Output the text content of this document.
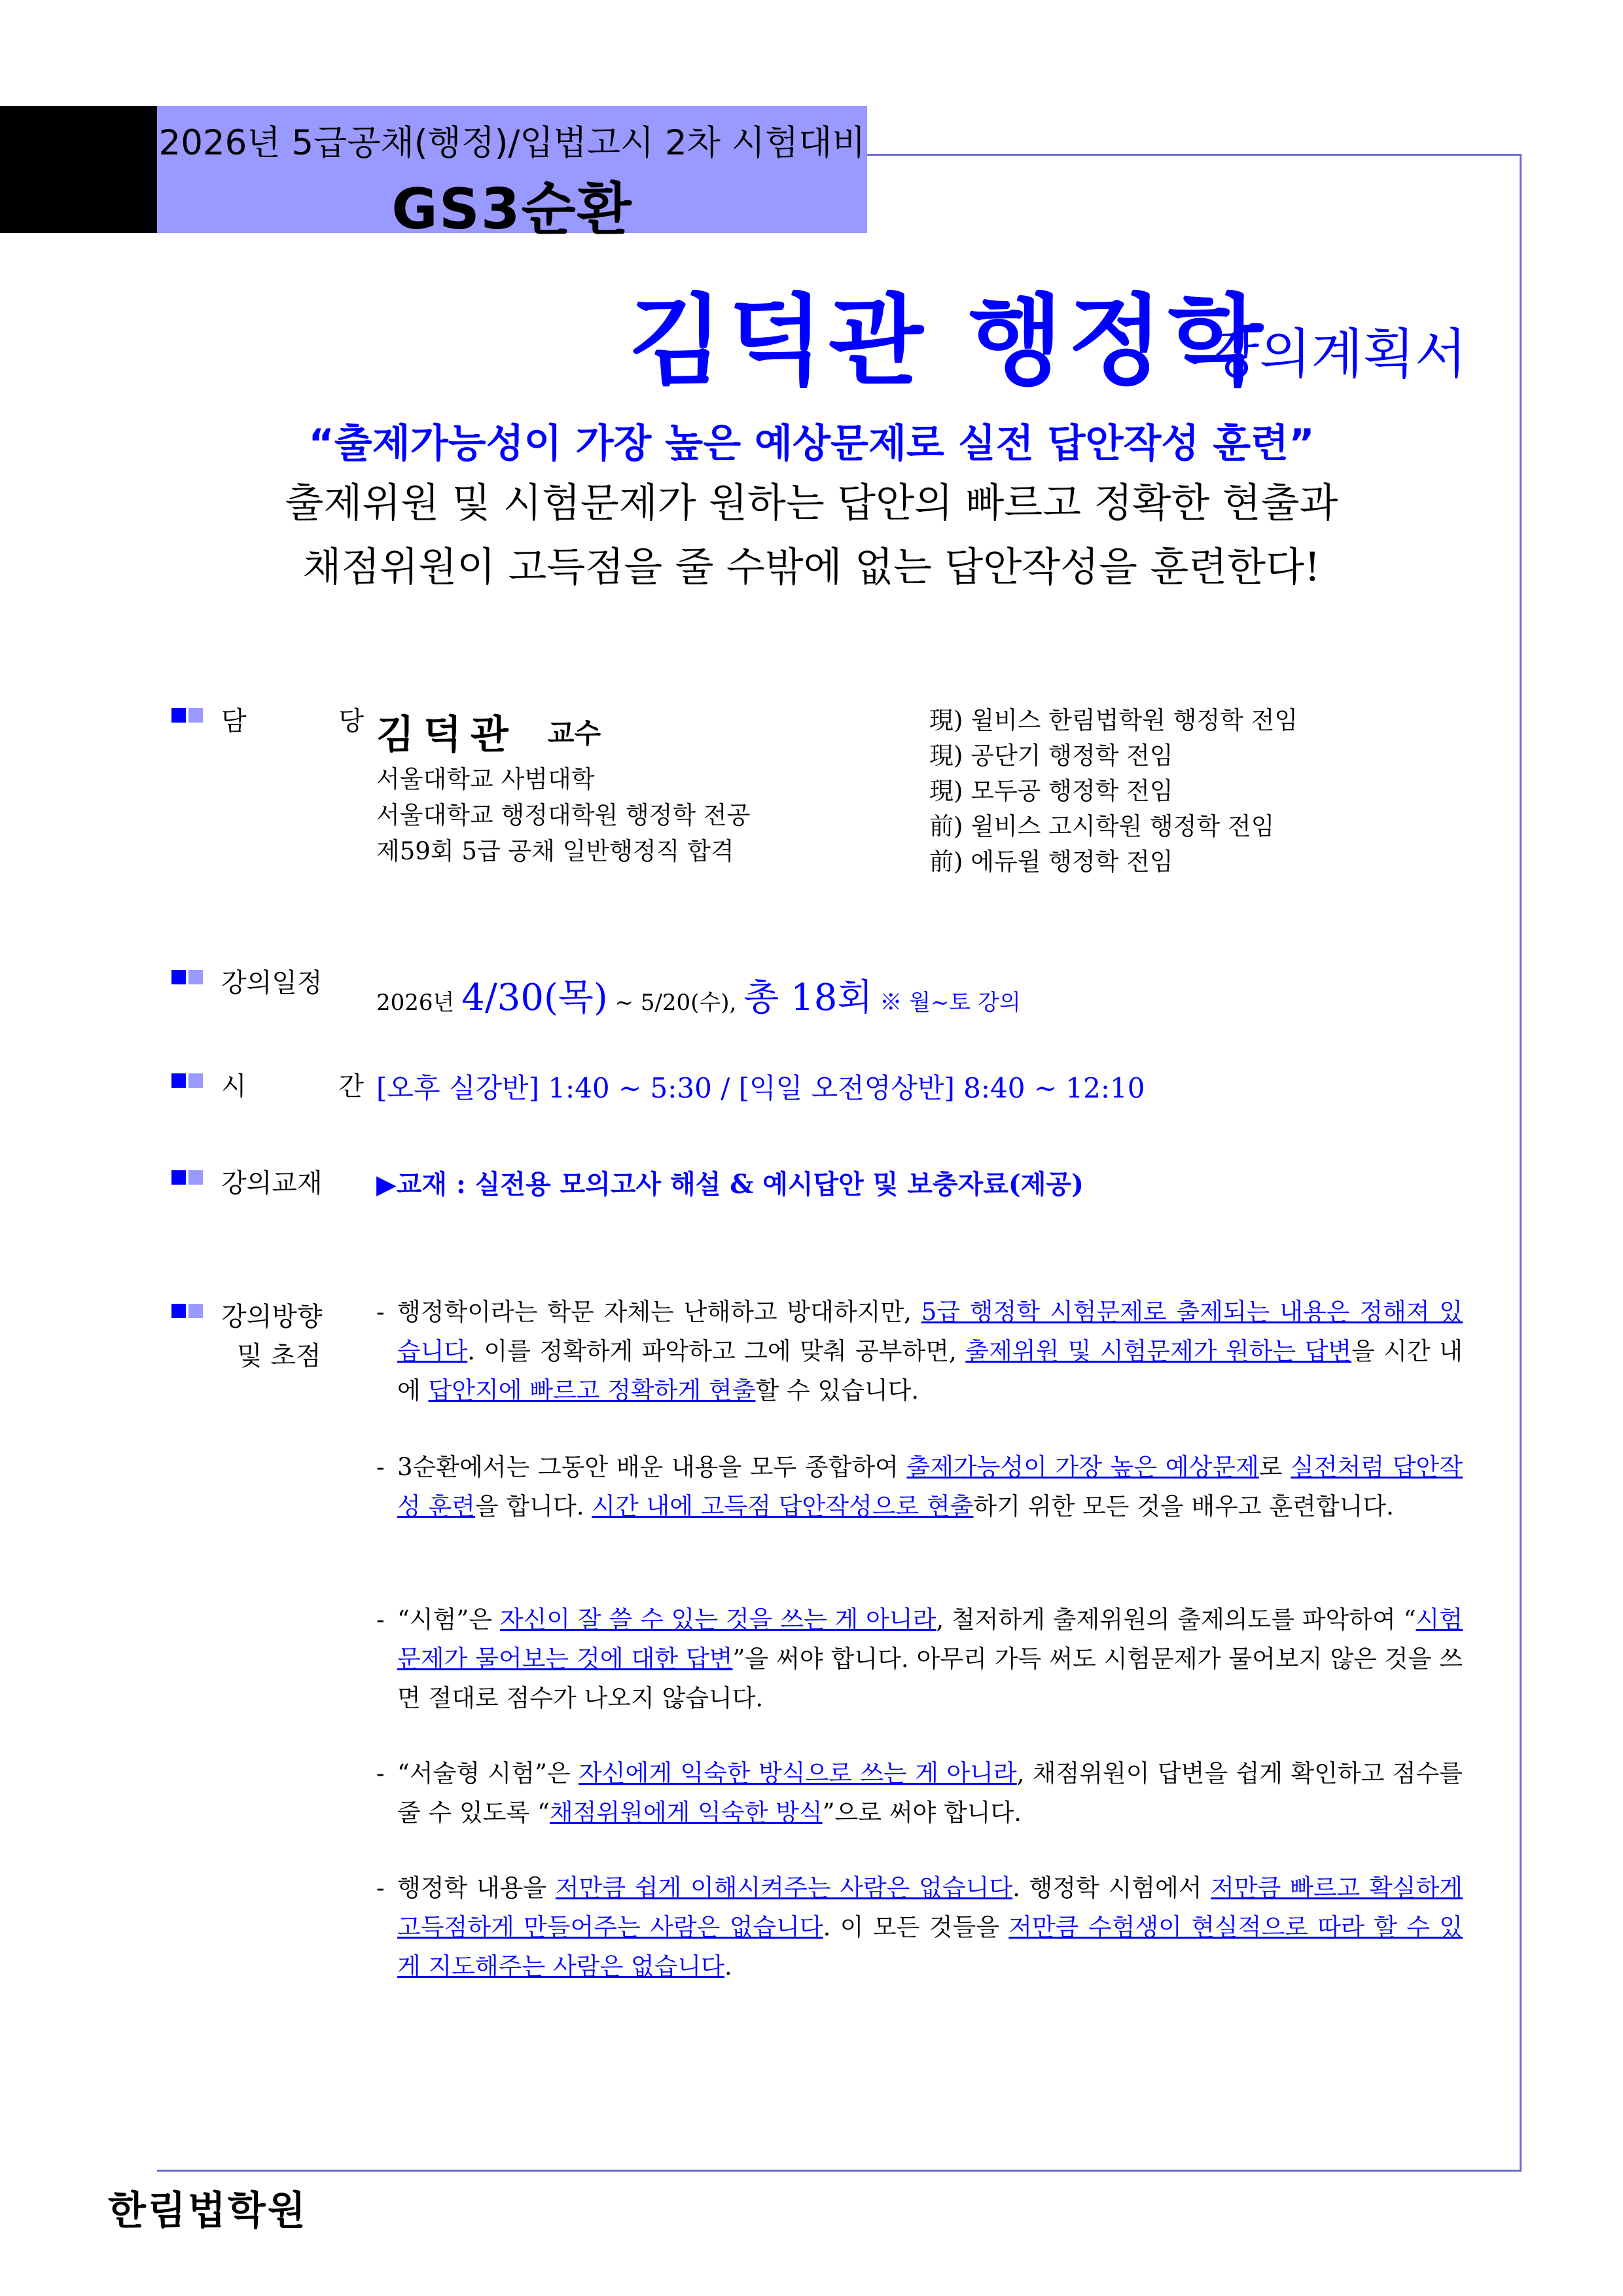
2026년 5급공채(행정)/입법고시 2차 시험대비
GS3순환
김덕관 행정학
강의계획서
“출제가능성이 가장 높은 예상문제로 실전 답안작성 훈련”
출제위원 및 시험문제가 원하는 답안의 빠르고 정확한 현출과
채점위원이 고득점을 줄 수밖에 없는 답안작성을 훈련한다!
담 당
김덕관 교수
서울대학교 사범대학
서울대학교 행정대학원 행정학 전공
제59회 5급 공채 일반행정직 합격
現) 윌비스 한림법학원 행정학 전임
現) 공단기 행정학 전임
現) 모두공 행정학 전임
前) 윌비스 고시학원 행정학 전임
前) 에듀윌 행정학 전임
강의일정
2026년 4/30(목) ~ 5/20(수), 총 18회 ※ 월~토 강의
시 간
[오후 실강반] 1:40 ~ 5:30 / [익일 오전영상반] 8:40 ~ 12:10
강의교재 ▶교재 : 실전용 모의고사 해설 & 예시답안 및 보충자료(제공)
강의방향
및 초점
- 행정학이라는 학문 자체는 난해하고 방대하지만, 5급 행정학 시험문제로 출제되는 내용은 정해져 있습니다. 이를 정확하게 파악하고 그에 맞춰 공부하면, 출제위원 및 시험문제가 원하는 답변을 시간 내에 답안지에 빠르고 정확하게 현출할 수 있습니다.
- 3순환에서는 그동안 배운 내용을 모두 종합하여 출제가능성이 가장 높은 예상문제로 실전처럼 답안작성 훈련을 합니다. 시간 내에 고득점 답안작성으로 현출하기 위한 모든 것을 배우고 훈련합니다.
- “시험”은 자신이 잘 쓸 수 있는 것을 쓰는 게 아니라, 철저하게 출제위원의 출제의도를 파악하여 “시험문제가 물어보는 것에 대한 답변”을 써야 합니다. 아무리 가득 써도 시험문제가 물어보지 않은 것을 쓰면 절대로 점수가 나오지 않습니다.
- “서술형 시험”은 자신에게 익숙한 방식으로 쓰는 게 아니라, 채점위원이 답변을 쉽게 확인하고 점수를 줄 수 있도록 “채점위원에게 익숙한 방식”으로 써야 합니다.
- 행정학 내용을 저만큼 쉽게 이해시켜주는 사람은 없습니다. 행정학 시험에서 저만큼 빠르고 확실하게 고득점하게 만들어주는 사람은 없습니다. 이 모든 것들을 저만큼 수험생이 현실적으로 따라 할 수 있게 지도해주는 사람은 없습니다.
한림법학원
